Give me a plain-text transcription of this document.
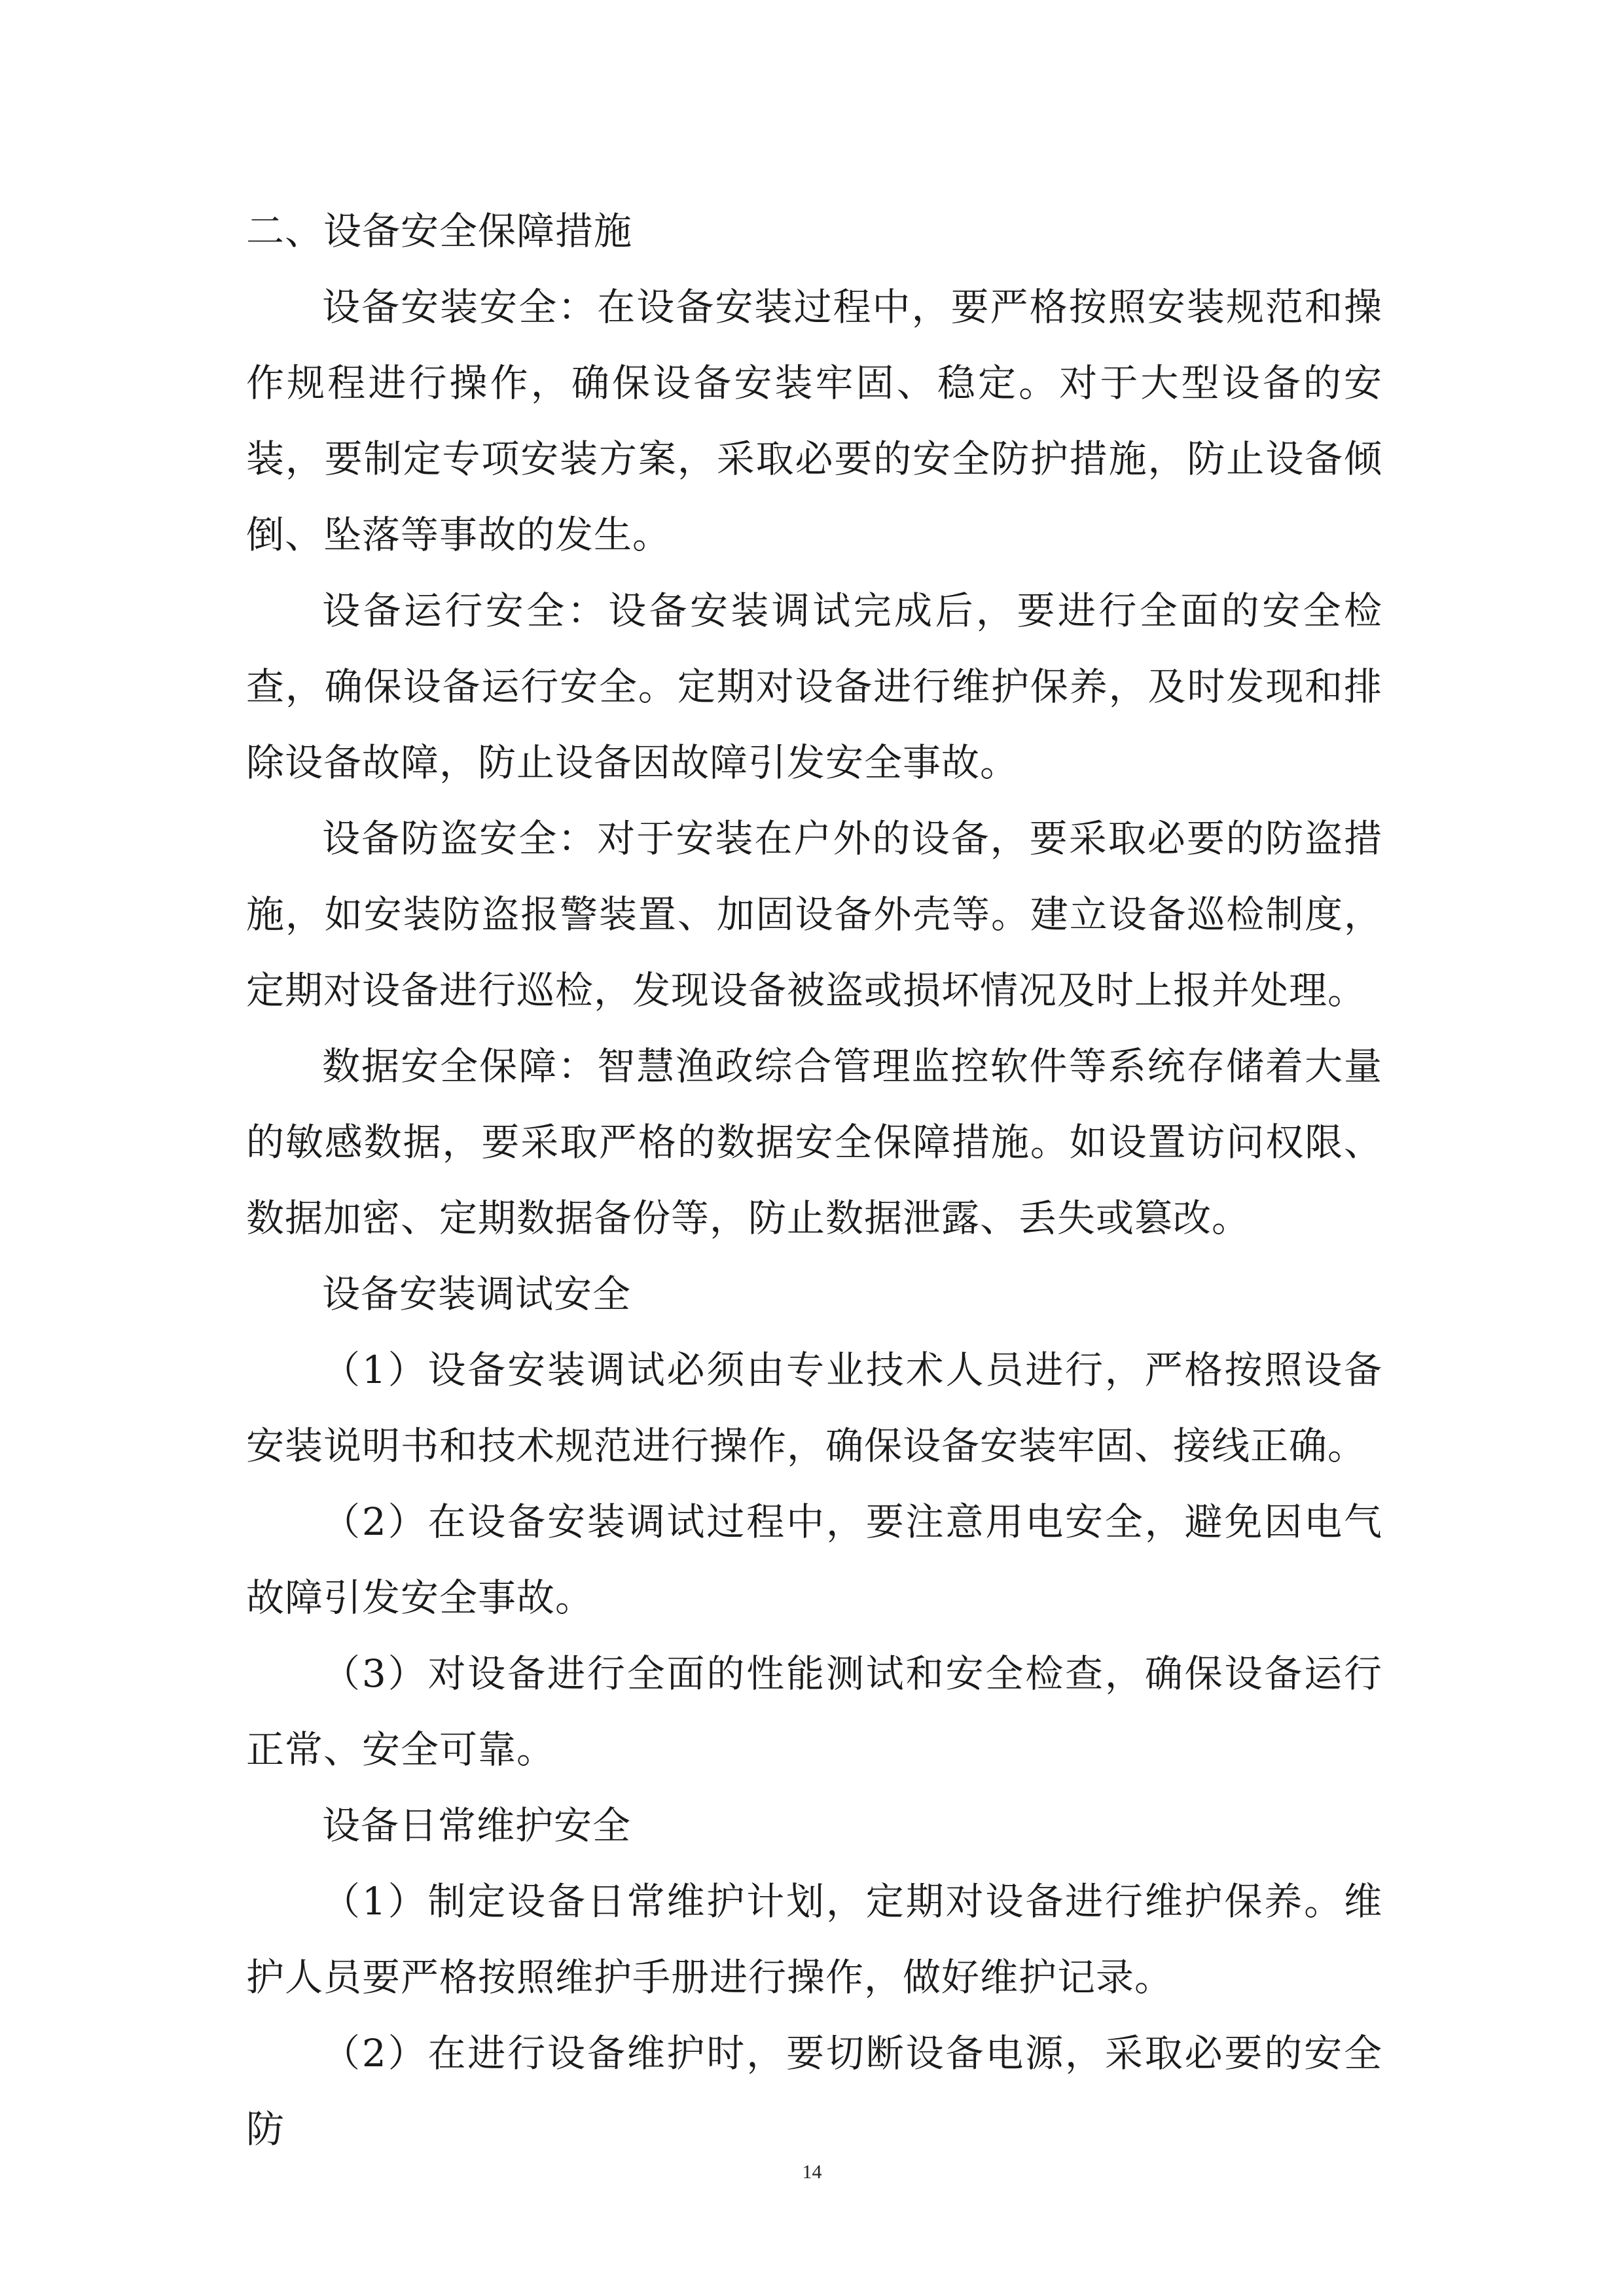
二、设备安全保障措施

设备安装安全：在设备安装过程中，要严格按照安装规范和操作规程进行操作，确保设备安装牢固、稳定。对于大型设备的安装，要制定专项安装方案，采取必要的安全防护措施，防止设备倾倒、坠落等事故的发生。

设备运行安全：设备安装调试完成后，要进行全面的安全检查，确保设备运行安全。定期对设备进行维护保养，及时发现和排除设备故障，防止设备因故障引发安全事故。

设备防盗安全：对于安装在户外的设备，要采取必要的防盗措施，如安装防盗报警装置、加固设备外壳等。建立设备巡检制度，定期对设备进行巡检，发现设备被盗或损坏情况及时上报并处理。

数据安全保障：智慧渔政综合管理监控软件等系统存储着大量的敏感数据，要采取严格的数据安全保障措施。如设置访问权限、数据加密、定期数据备份等，防止数据泄露、丢失或篡改。

设备安装调试安全

（1）设备安装调试必须由专业技术人员进行，严格按照设备安装说明书和技术规范进行操作，确保设备安装牢固、接线正确。

（2）在设备安装调试过程中，要注意用电安全，避免因电气故障引发安全事故。

（3）对设备进行全面的性能测试和安全检查，确保设备运行正常、安全可靠。

设备日常维护安全

（1）制定设备日常维护计划，定期对设备进行维护保养。维护人员要严格按照维护手册进行操作，做好维护记录。

（2）在进行设备维护时，要切断设备电源，采取必要的安全防

14
